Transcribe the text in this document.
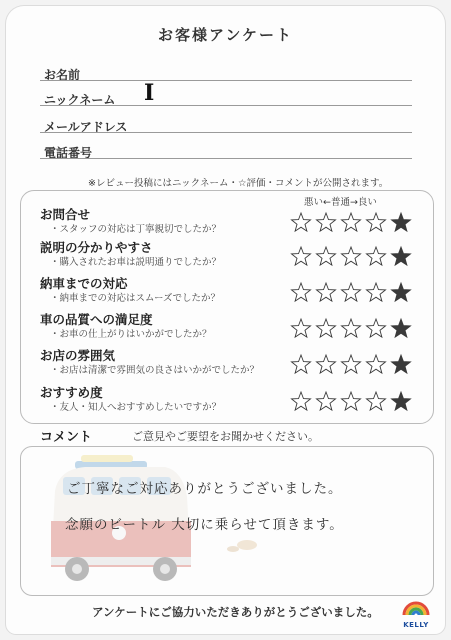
お客様アンケート
お名前
ニックネーム I
メールアドレス
電話番号
※レビュー投稿にはニックネーム・☆評価・コメントが公開されます。
悪い←普通→良い
お問合せ
・スタッフの対応は丁寧親切でしたか？
説明の分かりやすさ
・購入されたお車は説明通りでしたか？
納車までの対応
・納車までの対応はスムーズでしたか？
車の品質への満足度
・お車の仕上がりはいかがでしたか？
お店の雰囲気
・お店は清潔で雰囲気の良さはいかがでしたか？
おすすめ度
・友人・知人へおすすめしたいですか？
コメント	ご意見やご要望をお聞かせください。
ご丁寧なご対応ありがとうございました。
念願のビートル 大切に乗らせて頂きます。
アンケートにご協力いただきありがとうございました。
KELLY
